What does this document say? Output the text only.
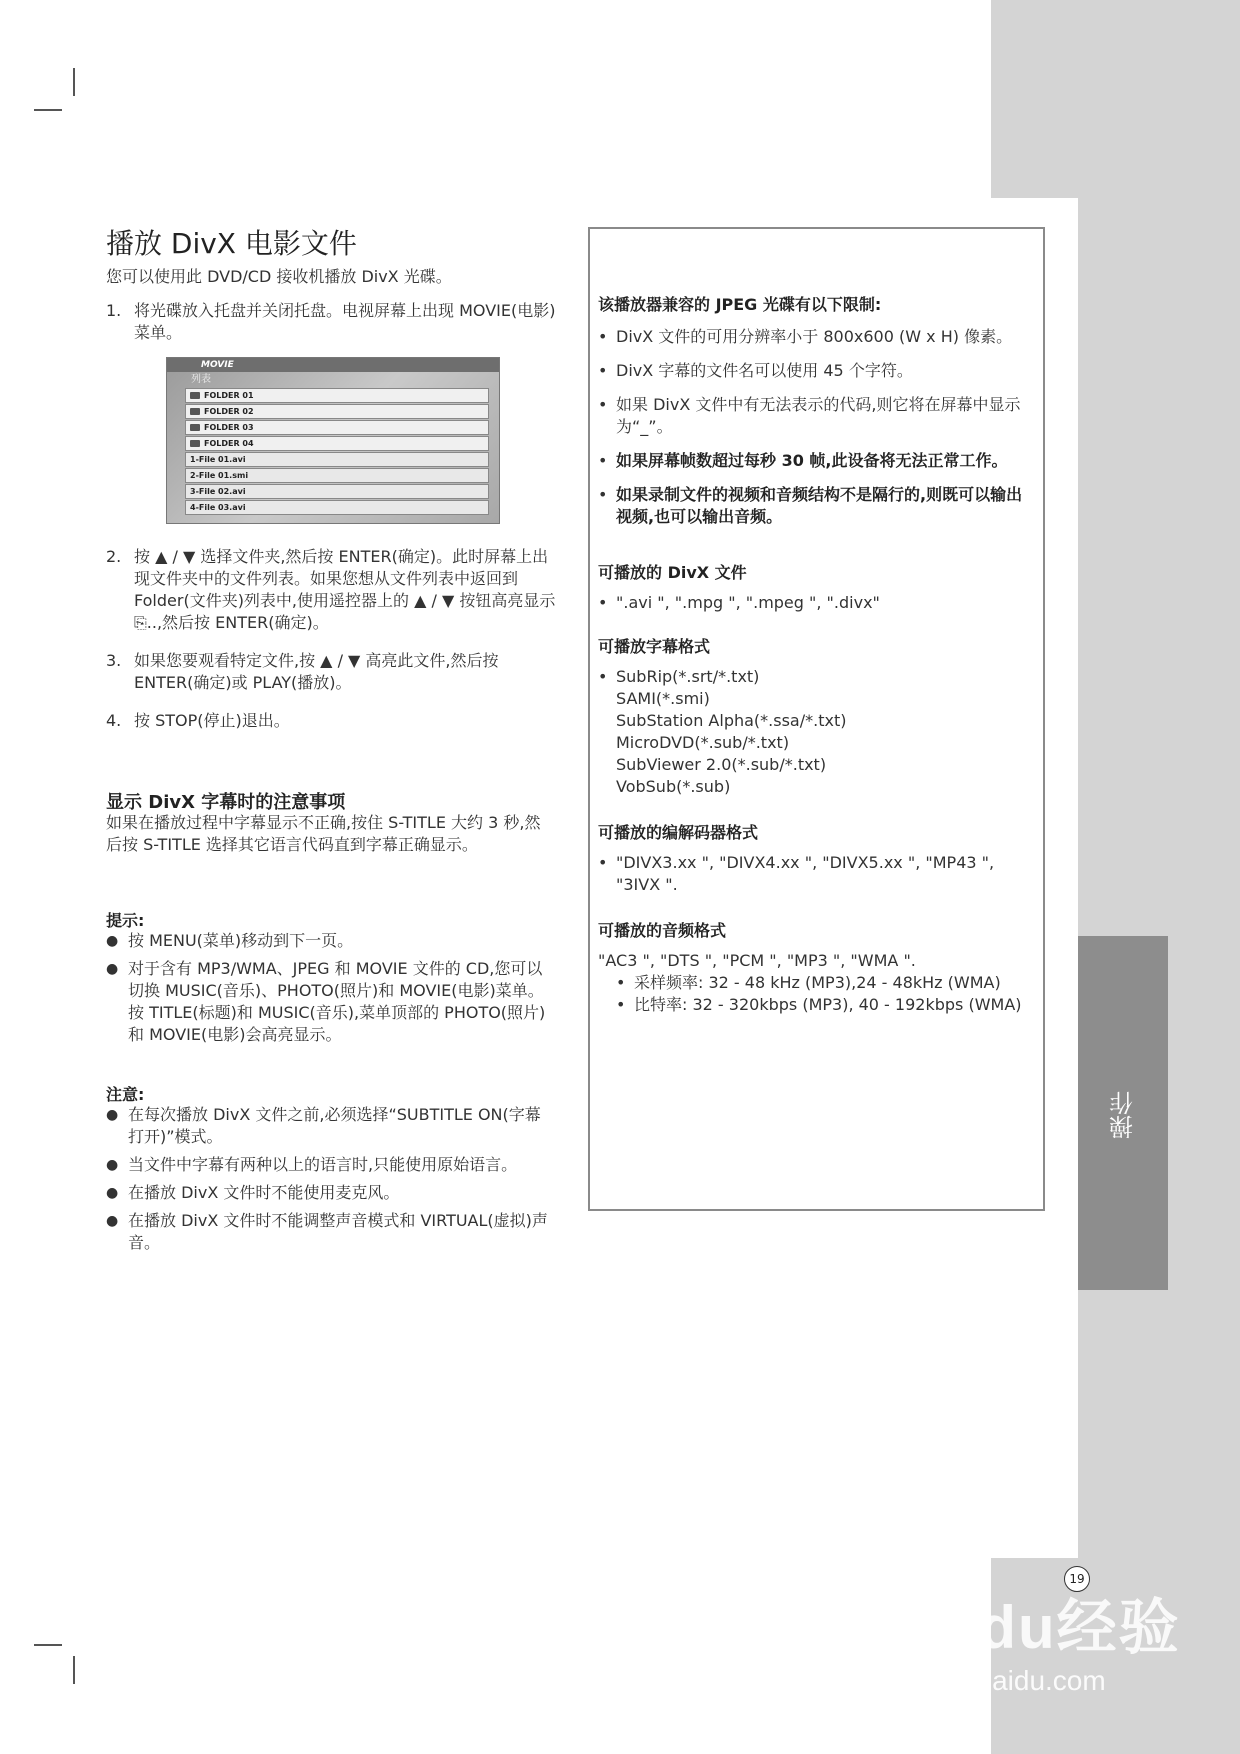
操作
播放 DivX 电影文件
您可以使用此 DVD/CD 接收机播放 DivX 光碟。
1. 将光碟放入托盘并关闭托盘。电视屏幕上出现 MOVIE(电影)菜单。
MOVIE
列表
FOLDER 01
FOLDER 02
FOLDER 03
FOLDER 04
1-File 01.avi
2-File 01.smi
3-File 02.avi
4-File 03.avi
2. 按 ▲ / ▼ 选择文件夹,然后按 ENTER(确定)。此时屏幕上出现文件夹中的文件列表。如果您想从文件列表中返回到 Folder(文件夹)列表中,使用遥控器上的 ▲ / ▼ 按钮高亮显示 ⎘..,然后按 ENTER(确定)。
3. 如果您要观看特定文件,按 ▲ / ▼ 高亮此文件,然后按 ENTER(确定)或 PLAY(播放)。
4. 按 STOP(停止)退出。
显示 DivX 字幕时的注意事项
如果在播放过程中字幕显示不正确,按住 S-TITLE 大约 3 秒,然后按 S-TITLE 选择其它语言代码直到字幕正确显示。
提示:
● 按 MENU(菜单)移动到下一页。
● 对于含有 MP3/WMA、JPEG 和 MOVIE 文件的 CD,您可以切换 MUSIC(音乐)、PHOTO(照片)和 MOVIE(电影)菜单。按 TITLE(标题)和 MUSIC(音乐),菜单顶部的 PHOTO(照片)和 MOVIE(电影)会高亮显示。
注意:
● 在每次播放 DivX 文件之前,必须选择“SUBTITLE ON(字幕打开)”模式。
● 当文件中字幕有两种以上的语言时,只能使用原始语言。
● 在播放 DivX 文件时不能使用麦克风。
● 在播放 DivX 文件时不能调整声音模式和 VIRTUAL(虚拟)声音。
该播放器兼容的 JPEG 光碟有以下限制:
• DivX 文件的可用分辨率小于 800x600 (W x H) 像素。
• DivX 字幕的文件名可以使用 45 个字符。
• 如果 DivX 文件中有无法表示的代码,则它将在屏幕中显示为“_”。
• 如果屏幕帧数超过每秒 30 帧,此设备将无法正常工作。
• 如果录制文件的视频和音频结构不是隔行的,则既可以输出视频,也可以输出音频。
可播放的 DivX 文件
• ".avi ", ".mpg ", ".mpeg ", ".divx"
可播放字幕格式
• SubRip(*.srt/*.txt)
SAMI(*.smi)
SubStation Alpha(*.ssa/*.txt)
MicroDVD(*.sub/*.txt)
SubViewer 2.0(*.sub/*.txt)
VobSub(*.sub)
可播放的编解码器格式
• "DIVX3.xx ", "DIVX4.xx ", "DIVX5.xx ", "MP43 ", "3IVX ".
可播放的音频格式
"AC3 ", "DTS ", "PCM ", "MP3 ", "WMA ".
• 采样频率: 32 - 48 kHz (MP3),24 - 48kHz (WMA)
• 比特率: 32 - 320kbps (MP3), 40 - 192kbps (WMA)
19
Baidu经验
jingyan.baidu.com
